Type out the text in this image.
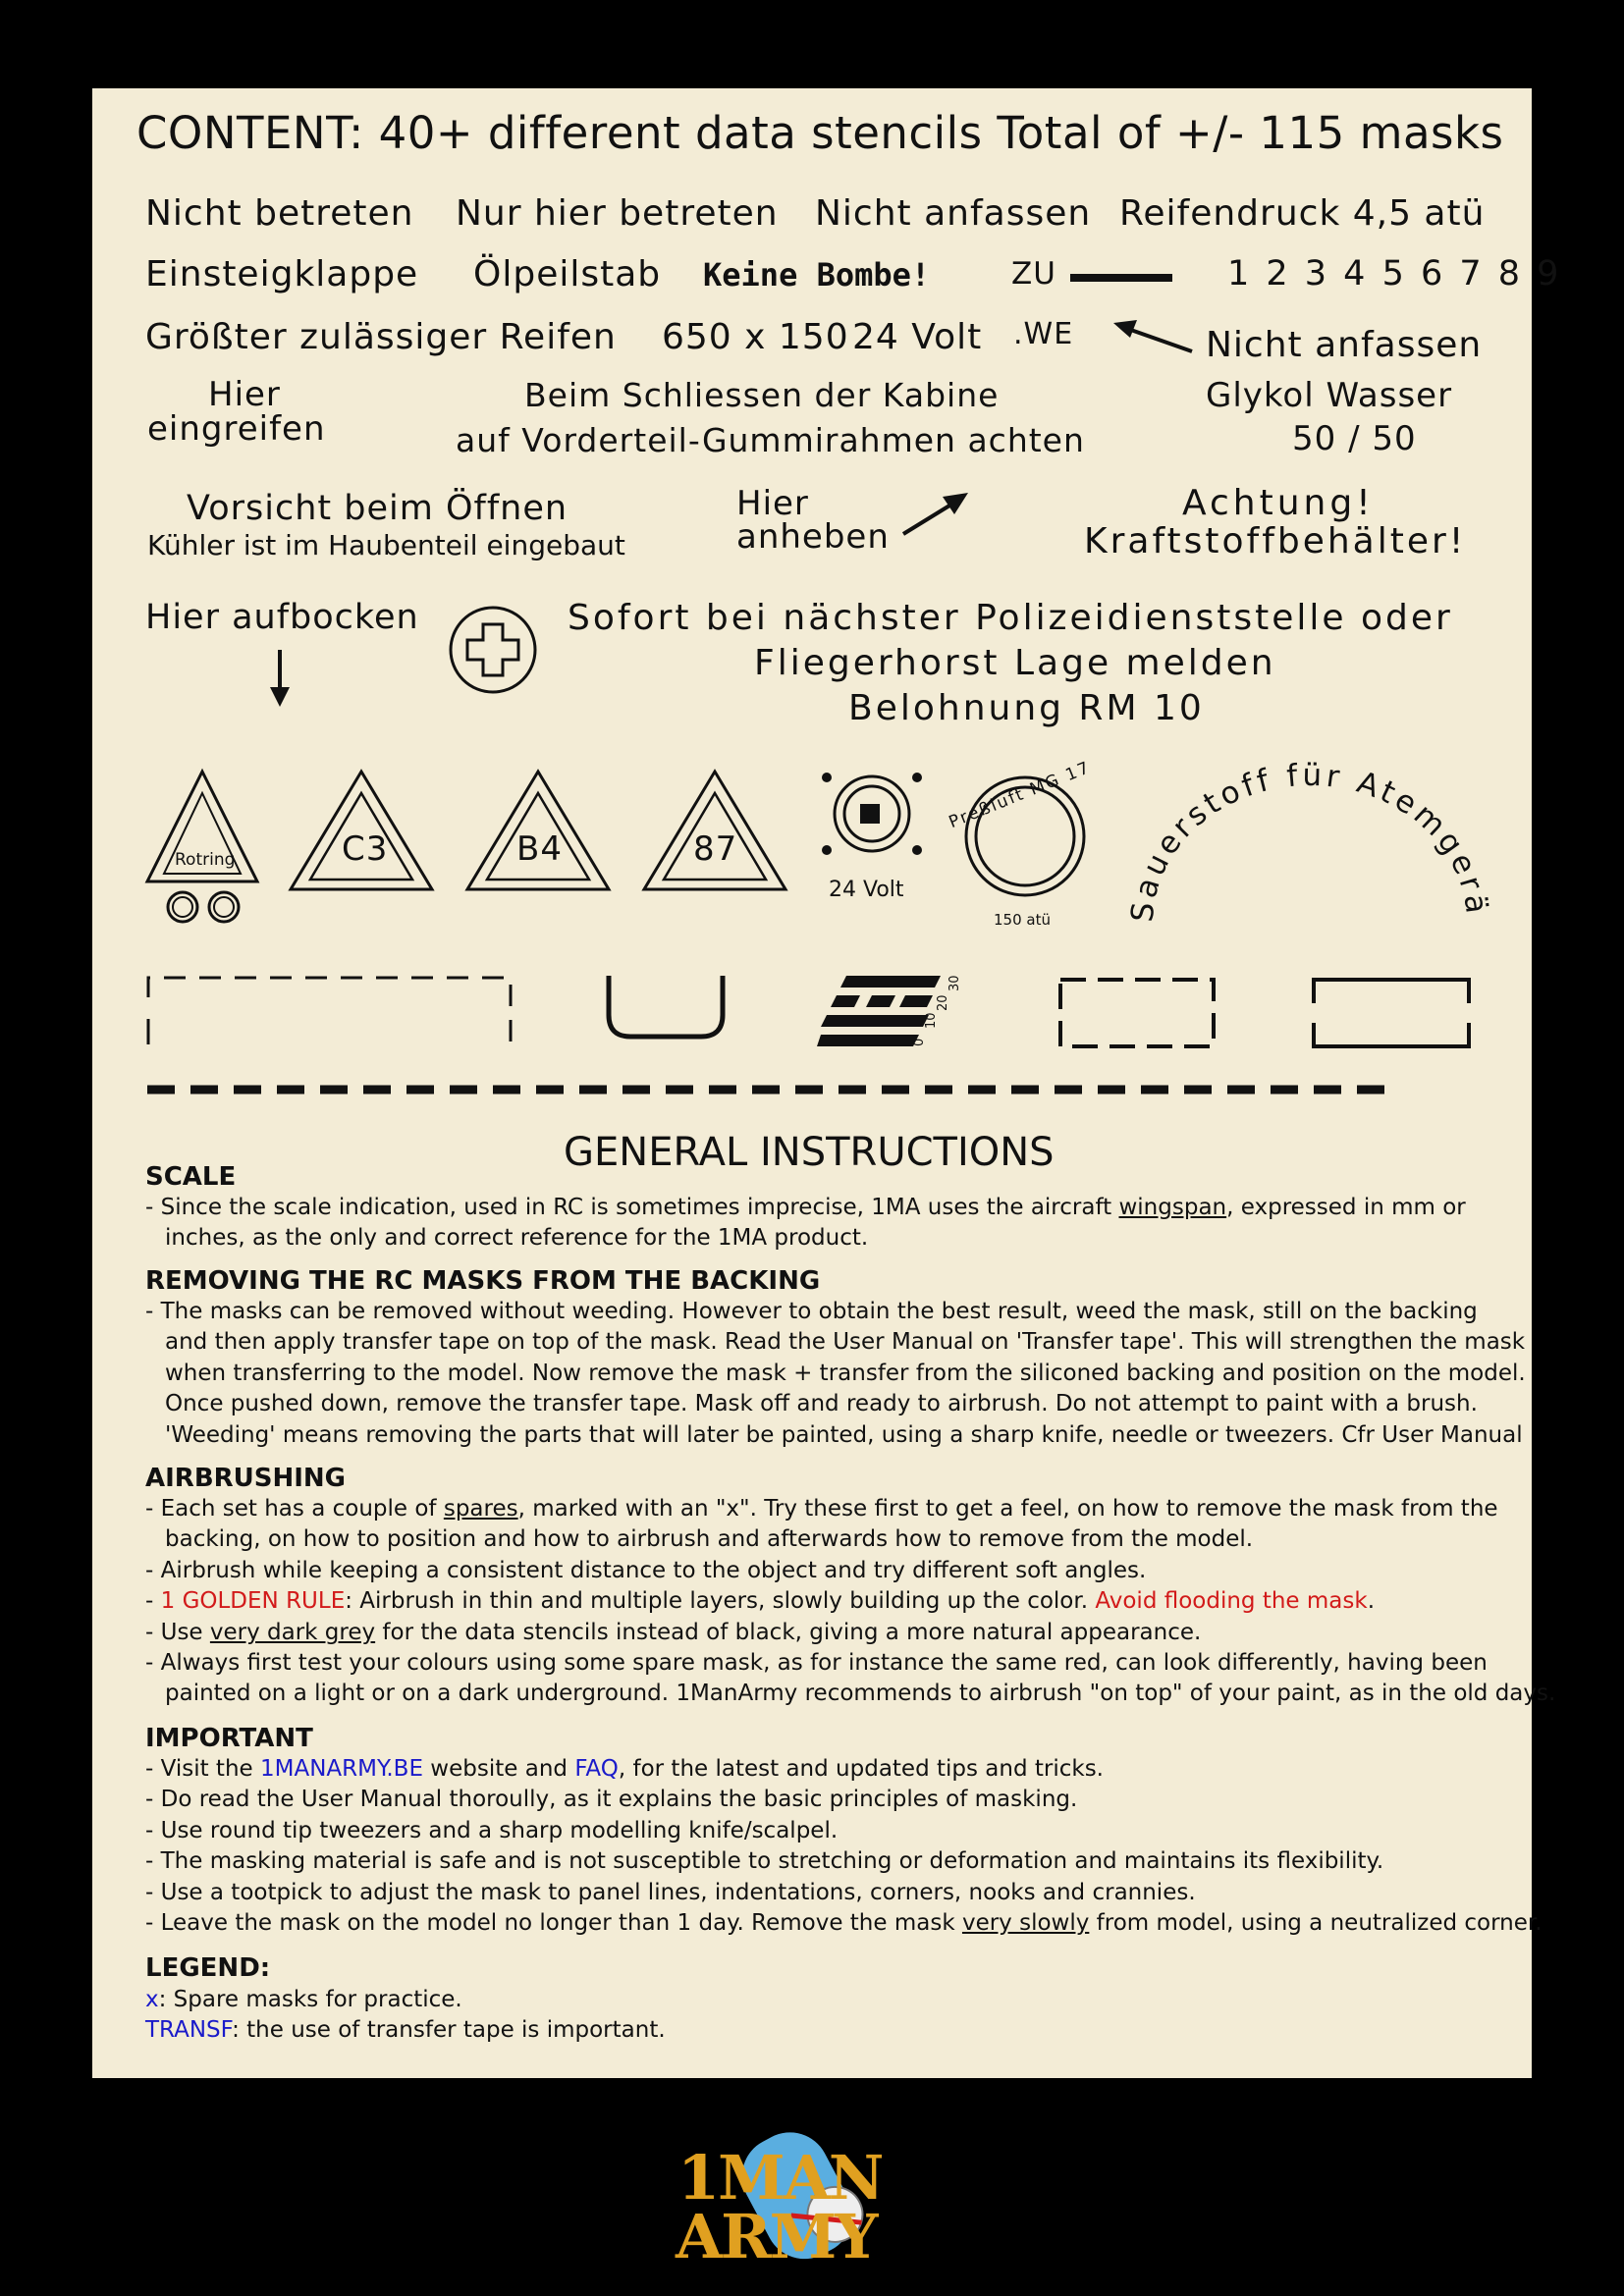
CONTENT: 40+ different data stencils Total of +/- 115 masks
Nicht betreten Nur hier betreten Nicht anfassen Reifendruck 4,5 atü
Einsteigklappe Ölpeilstab Keine Bombe!	ZU	1 2 3 4 5 6 7 8 9
Größter zulässiger Reifen 650 x 150 24 Volt .WE	Nicht anfassen
Hier
eingreifen
Beim Schliessen der Kabine
auf Vorderteil-Gummirahmen achten
Glykol Wasser
50 / 50
Vorsicht beim Öffnen
Kühler ist im Haubenteil eingebaut
Hier
anheben
Achtung!
Kraftstoffbehälter!
Hier aufbocken	Sofort bei nächster Polizeidienststelle oder
Fliegerhorst Lage melden
Belohnung RM 10
Rotring	C3	B4	87
24 Volt
Preßluft MG 17
150 atü	Sauerstoff für Atemgerät
30
20
10
0
GENERAL INSTRUCTIONS
SCALE
- Since the scale indication, used in RC is sometimes imprecise, 1MA uses the aircraft wingspan, expressed in mm or
inches, as the only and correct reference for the 1MA product.
REMOVING THE RC MASKS FROM THE BACKING
- The masks can be removed without weeding. However to obtain the best result, weed the mask, still on the backing
and then apply transfer tape on top of the mask. Read the User Manual on 'Transfer tape'. This will strengthen the mask
when transferring to the model. Now remove the mask + transfer from the siliconed backing and position on the model.
Once pushed down, remove the transfer tape. Mask off and ready to airbrush. Do not attempt to paint with a brush.
'Weeding' means removing the parts that will later be painted, using a sharp knife, needle or tweezers. Cfr User Manual
AIRBRUSHING
- Each set has a couple of spares, marked with an "x". Try these first to get a feel, on how to remove the mask from the
backing, on how to position and how to airbrush and afterwards how to remove from the model.
- Airbrush while keeping a consistent distance to the object and try different soft angles.
- 1 GOLDEN RULE: Airbrush in thin and multiple layers, slowly building up the color. Avoid flooding the mask.
- Use very dark grey for the data stencils instead of black, giving a more natural appearance.
- Always first test your colours using some spare mask, as for instance the same red, can look differently, having been
painted on a light or on a dark underground. 1ManArmy recommends to airbrush "on top" of your paint, as in the old days.
IMPORTANT
- Visit the 1MANARMY.BE website and FAQ, for the latest and updated tips and tricks.
- Do read the User Manual thoroully, as it explains the basic principles of masking.
- Use round tip tweezers and a sharp modelling knife/scalpel.
- The masking material is safe and is not susceptible to stretching or deformation and maintains its flexibility.
- Use a tootpick to adjust the mask to panel lines, indentations, corners, nooks and crannies.
- Leave the mask on the model no longer than 1 day. Remove the mask very slowly from model, using a neutralized corner.
LEGEND:
x: Spare masks for practice.
TRANSF: the use of transfer tape is important.
1MAN
ARMY
